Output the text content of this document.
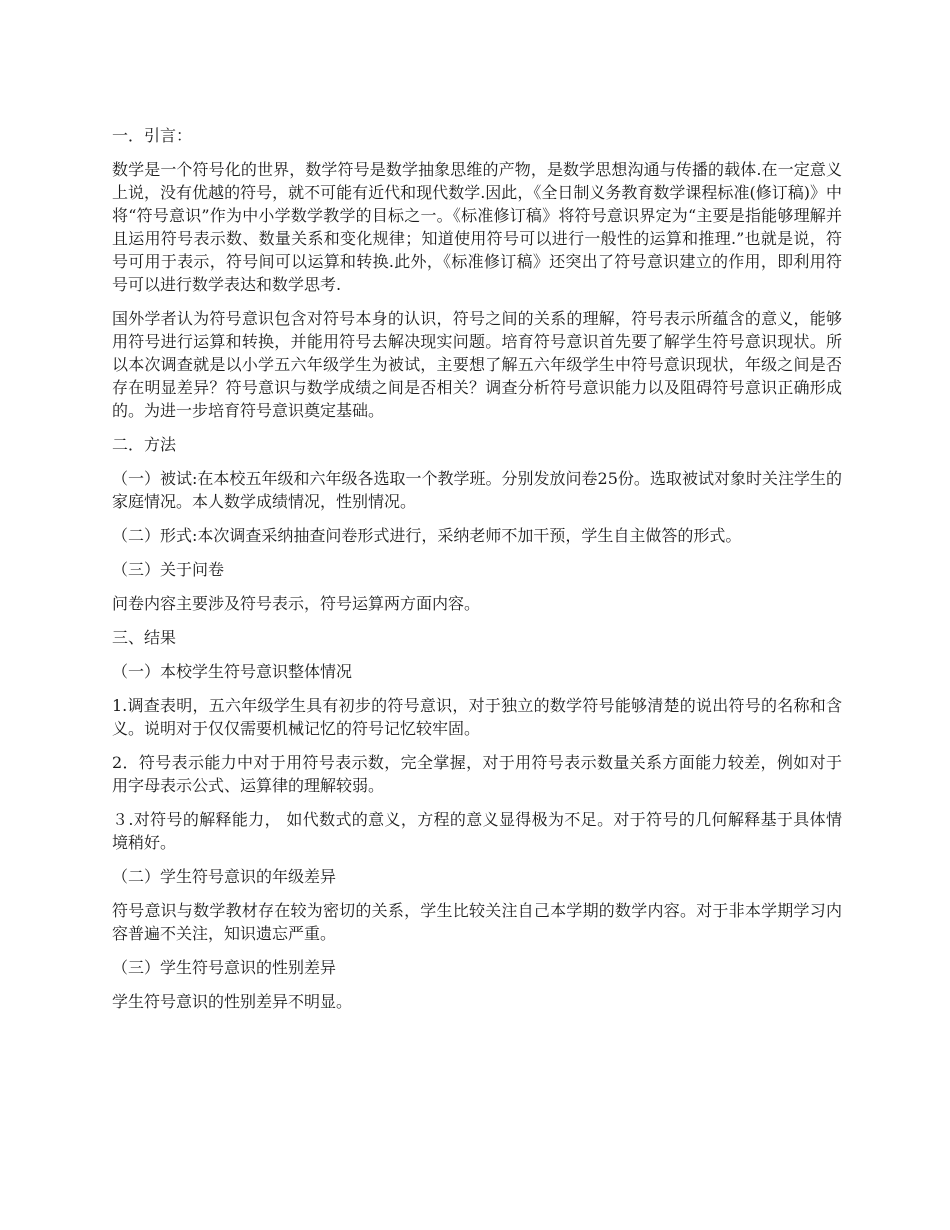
一．引言：

数学是一个符号化的世界，数学符号是数学抽象思维的产物，是数学思想沟通与传播的载体.在一定意义上说，没有优越的符号，就不可能有近代和现代数学.因此，《全日制义务教育数学课程标准(修订稿)》中将“符号意识”作为中小学数学教学的目标之一。《标准修订稿》将符号意识界定为“主要是指能够理解并且运用符号表示数、数量关系和变化规律；知道使用符号可以进行一般性的运算和推理.”也就是说，符号可用于表示，符号间可以运算和转换.此外，《标准修订稿》还突出了符号意识建立的作用，即利用符号可以进行数学表达和数学思考.

国外学者认为符号意识包含对符号本身的认识，符号之间的关系的理解，符号表示所蕴含的意义，能够用符号进行运算和转换，并能用符号去解决现实问题。培育符号意识首先要了解学生符号意识现状。所以本次调查就是以小学五六年级学生为被试，主要想了解五六年级学生中符号意识现状，年级之间是否存在明显差异？符号意识与数学成绩之间是否相关？调查分析符号意识能力以及阻碍符号意识正确形成的。为进一步培育符号意识奠定基础。

二．方法

（一）被试:在本校五年级和六年级各选取一个教学班。分别发放问卷25份。选取被试对象时关注学生的家庭情况。本人数学成绩情况，性别情况。

（二）形式:本次调查采纳抽查问卷形式进行，采纳老师不加干预，学生自主做答的形式。

（三）关于问卷

问卷内容主要涉及符号表示，符号运算两方面内容。

三、结果

（一）本校学生符号意识整体情况

1.调查表明，五六年级学生具有初步的符号意识，对于独立的数学符号能够清楚的说出符号的名称和含义。说明对于仅仅需要机械记忆的符号记忆较牢固。

2．符号表示能力中对于用符号表示数，完全掌握，对于用符号表示数量关系方面能力较差，例如对于用字母表示公式、运算律的理解较弱。

３.对符号的解释能力， 如代数式的意义，方程的意义显得极为不足。对于符号的几何解释基于具体情境稍好。

（二）学生符号意识的年级差异

符号意识与数学教材存在较为密切的关系，学生比较关注自己本学期的数学内容。对于非本学期学习内容普遍不关注，知识遗忘严重。

（三）学生符号意识的性别差异

学生符号意识的性别差异不明显。
